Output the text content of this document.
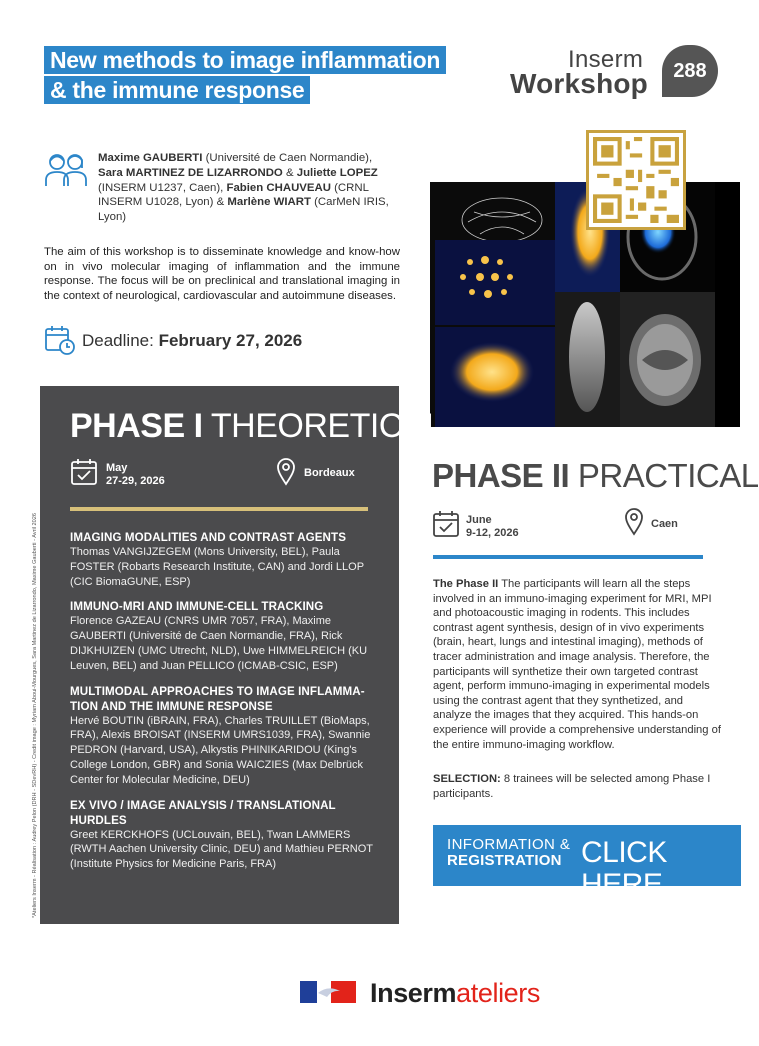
New methods to image inflammation
& the immune response
Inserm
Workshop	288
Maxime GAUBERTI (Université de Caen Normandie), Sara MARTINEZ DE LIZARRONDO & Juliette LOPEZ (INSERM U1237, Caen), Fabien CHAUVEAU (CRNL INSERM U1028, Lyon) & Marlène WIART (CarMeN IRIS, Lyon)
The aim of this workshop is to disseminate knowledge and know-how on in vivo molecular imaging of inflammation and the immune response. The focus will be on preclinical and translational imaging in the context of neurological, cardiovascular and autoimmune diseases.
Deadline: February 27, 2026
PHASE I THEORETICAL
May
27-29, 2026
Bordeaux
IMAGING MODALITIES AND CONTRAST AGENTS
Thomas VANGIJZEGEM (Mons University, BEL), Paula FOSTER (Robarts Research Institute, CAN) and Jordi LLOP (CIC BiomaGUNE, ESP)
IMMUNO-MRI AND IMMUNE-CELL TRACKING
Florence GAZEAU (CNRS UMR 7057, FRA), Maxime GAUBERTI (Université de Caen Normandie, FRA), Rick DIJKHUIZEN (UMC Utrecht, NLD), Uwe HIMMELREICH (KU Leuven, BEL) and Juan PELLICO (ICMAB-CSIC, ESP)
MULTIMODAL APPROACHES TO IMAGE INFLAMMA-TION AND THE IMMUNE RESPONSE
Hervé BOUTIN (iBRAIN, FRA), Charles TRUILLET (BioMaps, FRA), Alexis BROISAT (INSERM UMRS1039, FRA), Swannie PEDRON (Harvard, USA), Alkystis PHINIKARIDOU (King's College London, GBR) and Sonia WAICZIES (Max Delbrück Center for Molecular Medicine, DEU)
EX VIVO / IMAGE ANALYSIS / TRANSLATIONAL HURDLES
Greet KERCKHOFS (UCLouvain, BEL), Twan LAMMERS (RWTH Aachen University Clinic, DEU) and Mathieu PERNOT (Institute Physics for Medicine Paris, FRA)
*Ateliers Inserm - Réalisation : Audrey Pelon (DRH - SDevRH) - Credit image : Myriam Aboui-Mourgues, Sara Martinez de Lizarrondo, Maxime Gauberti - Avril 2026
PHASE II PRACTICAL
June
9-12, 2026
Caen
The Phase II The participants will learn all the steps involved in an immuno-imaging experiment for MRI, MPI and photoacoustic imaging in rodents. This includes contrast agent synthesis, design of in vivo experiments (brain, heart, lungs and intestinal imaging), methods of tracer administration and image analysis. Therefore, the participants will synthetize their own targeted contrast agent, perform immuno-imaging in experimental models using the contrast agent that they synthetized, and analyze the images that they acquired. This hands-on experience will provide a comprehensive understanding of the entire immuno-imaging workflow.
SELECTION: 8 trainees will be selected among Phase I participants.
INFORMATION &
REGISTRATION CLICK HERE
Insermateliers
